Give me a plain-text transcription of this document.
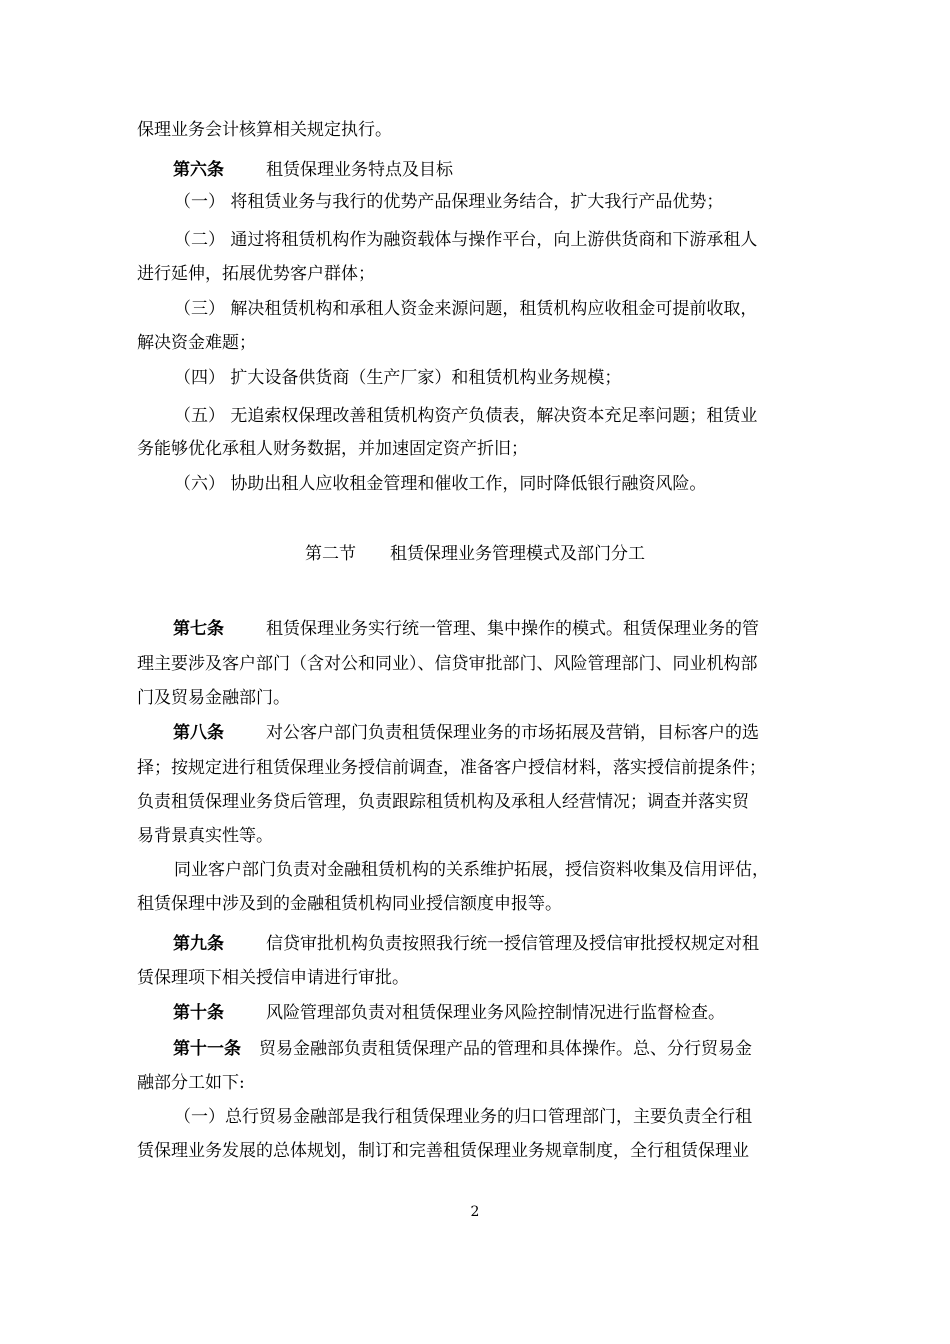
保理业务会计核算相关规定执行。
第六条 租赁保理业务特点及目标
（一） 将租赁业务与我行的优势产品保理业务结合，扩大我行产品优势；
（二） 通过将租赁机构作为融资载体与操作平台，向上游供货商和下游承租人
进行延伸，拓展优势客户群体；
（三） 解决租赁机构和承租人资金来源问题，租赁机构应收租金可提前收取，
解决资金难题；
（四） 扩大设备供货商（生产厂家）和租赁机构业务规模；
（五） 无追索权保理改善租赁机构资产负债表，解决资本充足率问题；租赁业
务能够优化承租人财务数据，并加速固定资产折旧；
（六） 协助出租人应收租金管理和催收工作，同时降低银行融资风险。
第二节　　租赁保理业务管理模式及部门分工
第七条 租赁保理业务实行统一管理、集中操作的模式。租赁保理业务的管
理主要涉及客户部门（含对公和同业）、信贷审批部门、风险管理部门、同业机构部
门及贸易金融部门。
第八条 对公客户部门负责租赁保理业务的市场拓展及营销，目标客户的选
择；按规定进行租赁保理业务授信前调查，准备客户授信材料，落实授信前提条件；
负责租赁保理业务贷后管理，负责跟踪租赁机构及承租人经营情况；调查并落实贸
易背景真实性等。
同业客户部门负责对金融租赁机构的关系维护拓展，授信资料收集及信用评估，
租赁保理中涉及到的金融租赁机构同业授信额度申报等。
第九条 信贷审批机构负责按照我行统一授信管理及授信审批授权规定对租
赁保理项下相关授信申请进行审批。
第十条 风险管理部负责对租赁保理业务风险控制情况进行监督检查。
第十一条 贸易金融部负责租赁保理产品的管理和具体操作。总、分行贸易金
融部分工如下:
（一）总行贸易金融部是我行租赁保理业务的归口管理部门，主要负责全行租
赁保理业务发展的总体规划，制订和完善租赁保理业务规章制度，全行租赁保理业
2
